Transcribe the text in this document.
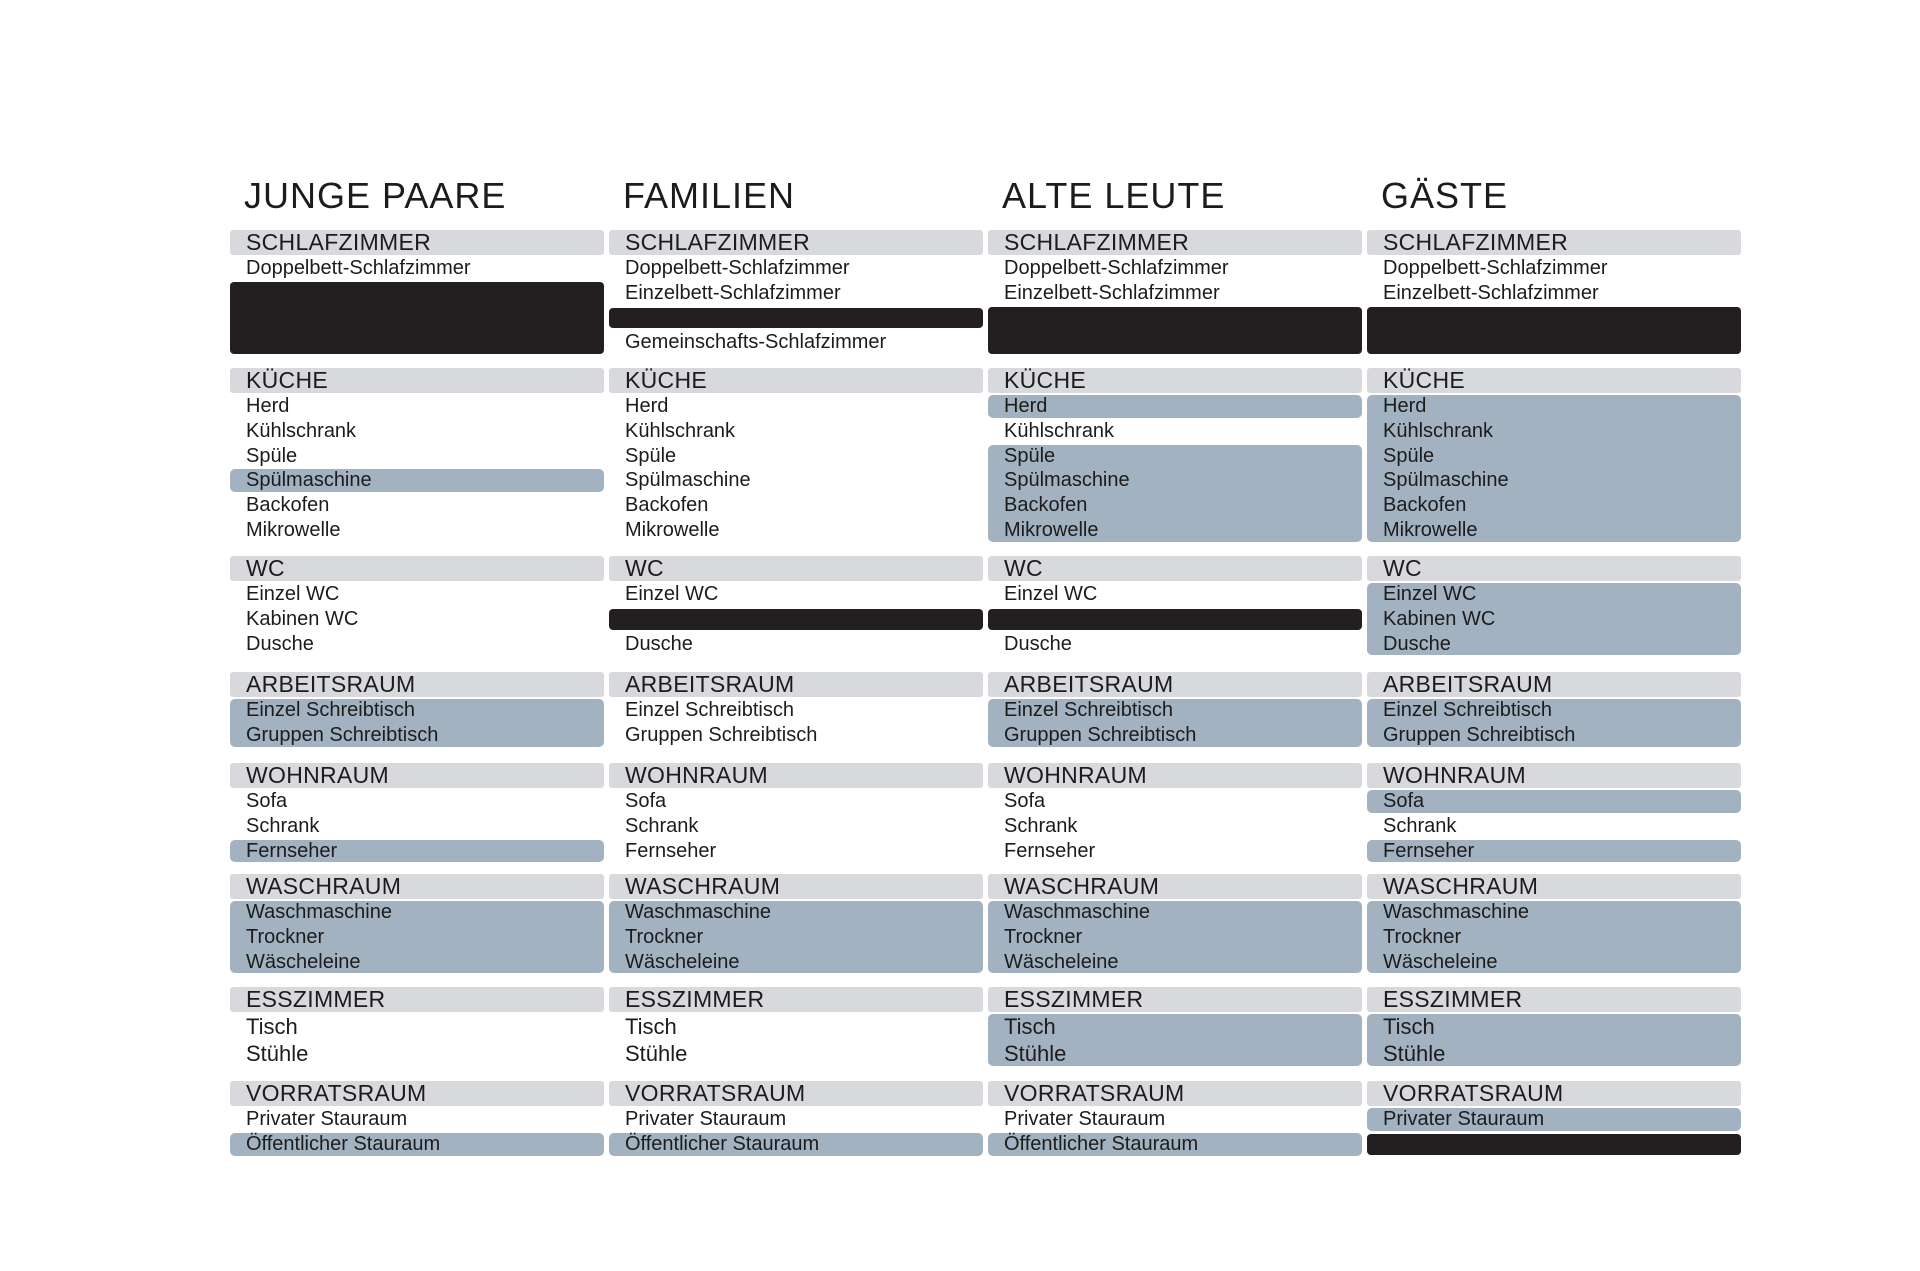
JUNGE PAARE
SCHLAFZIMMER
Doppelbett-Schlafzimmer
KÜCHE
Herd
Kühlschrank
Spüle
Spülmaschine
Backofen
Mikrowelle
WC
Einzel WC
Kabinen WC
Dusche
ARBEITSRAUM
Einzel Schreibtisch
Gruppen Schreibtisch
WOHNRAUM
Sofa
Schrank
Fernseher
WASCHRAUM
Waschmaschine
Trockner
Wäscheleine
ESSZIMMER
Tisch
Stühle
VORRATSRAUM
Privater Stauraum
Öffentlicher Stauraum
FAMILIEN
SCHLAFZIMMER
Doppelbett-Schlafzimmer
Einzelbett-Schlafzimmer
Gemeinschafts-Schlafzimmer
KÜCHE
Herd
Kühlschrank
Spüle
Spülmaschine
Backofen
Mikrowelle
WC
Einzel WC
Dusche
ARBEITSRAUM
Einzel Schreibtisch
Gruppen Schreibtisch
WOHNRAUM
Sofa
Schrank
Fernseher
WASCHRAUM
Waschmaschine
Trockner
Wäscheleine
ESSZIMMER
Tisch
Stühle
VORRATSRAUM
Privater Stauraum
Öffentlicher Stauraum
ALTE LEUTE
SCHLAFZIMMER
Doppelbett-Schlafzimmer
Einzelbett-Schlafzimmer
KÜCHE
Herd
Kühlschrank
Spüle
Spülmaschine
Backofen
Mikrowelle
WC
Einzel WC
Dusche
ARBEITSRAUM
Einzel Schreibtisch
Gruppen Schreibtisch
WOHNRAUM
Sofa
Schrank
Fernseher
WASCHRAUM
Waschmaschine
Trockner
Wäscheleine
ESSZIMMER
Tisch
Stühle
VORRATSRAUM
Privater Stauraum
Öffentlicher Stauraum
GÄSTE
SCHLAFZIMMER
Doppelbett-Schlafzimmer
Einzelbett-Schlafzimmer
KÜCHE
Herd
Kühlschrank
Spüle
Spülmaschine
Backofen
Mikrowelle
WC
Einzel WC
Kabinen WC
Dusche
ARBEITSRAUM
Einzel Schreibtisch
Gruppen Schreibtisch
WOHNRAUM
Sofa
Schrank
Fernseher
WASCHRAUM
Waschmaschine
Trockner
Wäscheleine
ESSZIMMER
Tisch
Stühle
VORRATSRAUM
Privater Stauraum
